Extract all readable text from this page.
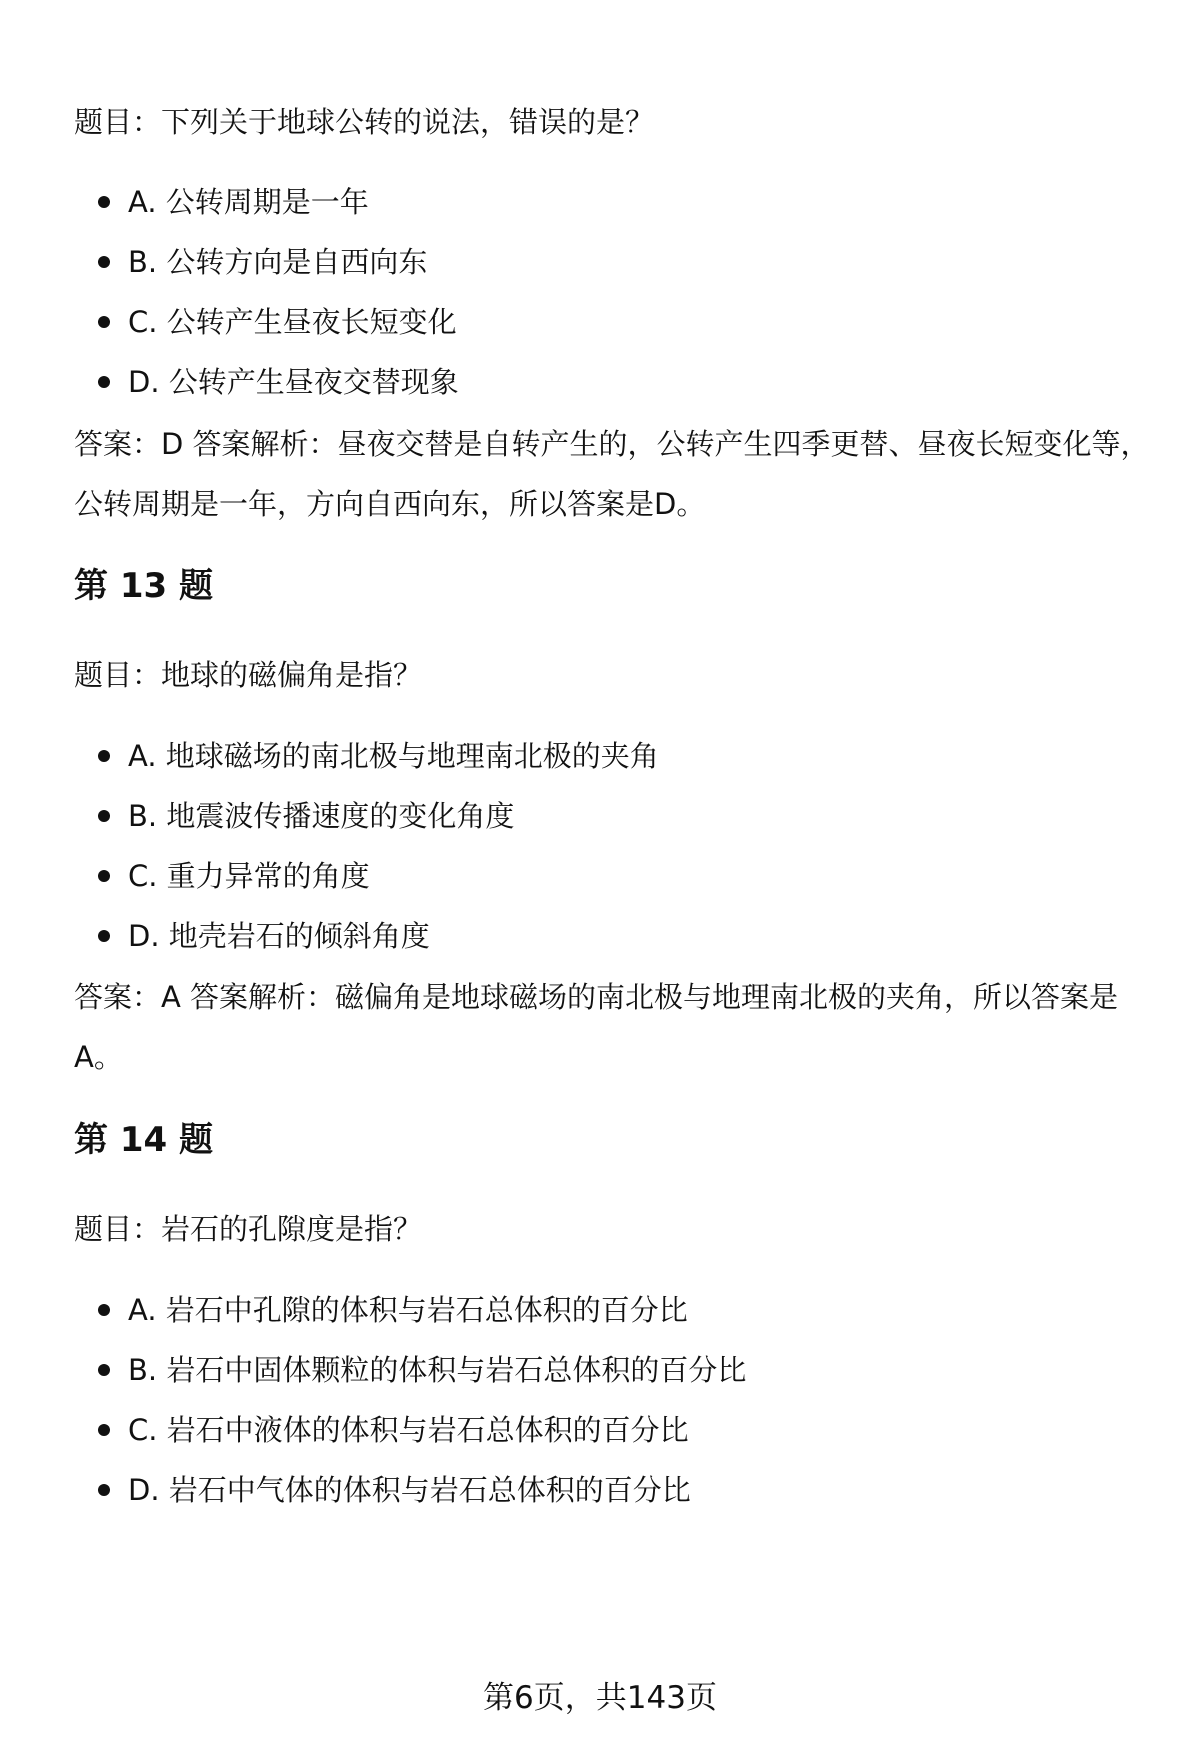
题目：下列关于地球公转的说法，错误的是？
A. 公转周期是一年
B. 公转方向是自西向东
C. 公转产生昼夜长短变化
D. 公转产生昼夜交替现象

答案：D 答案解析：昼夜交替是自转产生的，公转产生四季更替、昼夜长短变化等，公转周期是一年，方向自西向东，所以答案是D。

第 13 题
题目：地球的磁偏角是指？
A. 地球磁场的南北极与地理南北极的夹角
B. 地震波传播速度的变化角度
C. 重力异常的角度
D. 地壳岩石的倾斜角度

答案：A 答案解析：磁偏角是地球磁场的南北极与地理南北极的夹角，所以答案是A。

第 14 题
题目：岩石的孔隙度是指？
A. 岩石中孔隙的体积与岩石总体积的百分比
B. 岩石中固体颗粒的体积与岩石总体积的百分比
C. 岩石中液体的体积与岩石总体积的百分比
D. 岩石中气体的体积与岩石总体积的百分比
第6页，共143页
